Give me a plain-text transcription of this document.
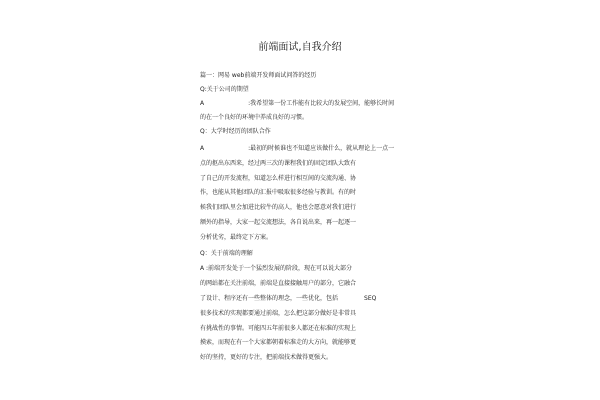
前端面试,自我介绍
篇一：网易 web前端开发师面试问答的经历
Q:关于公司的期望
A	:我希望第一份工作能有比较大的发展空间，能够长时间
的在一个良好的环境中养成良好的习惯。
Q：大学时经历的团队合作
A	:最初的时候谁也不知道应该做什么，就从理论上一点一
点的抠出东西来，经过两三次的课程我们的固定团队大致有
了自己的开发流程，知道怎么样进行相互间的交流沟通、协
作，也能从其他团队的汇报中吸取很多经验与教训。有的时
候我们团队里会加进比较牛的高人，他也会愿意对我们进行
额外的指导，大家一起交流想法，各自说出来，再一起逐一
分析优劣，最终定下方案。
Q：关于前端的理解
A :前端开发处于一个猛烈发展的阶段，现在可以说大部分
的网站都在关注前端，前端是直接接触用户的部分，它融合
了设计、程序还有一些整体的理念，一些优化，包括	SEQ
很多技术的实现都要通过前端，怎么把这部分做好是非常具
有挑战性的事情。可能四五年前很多人都还在标准的实现上
摸索，而现在有一个大家都朝着标准走的大方向，就能够更
好的坚持，更好的专注，把前端技术做得更强大。
